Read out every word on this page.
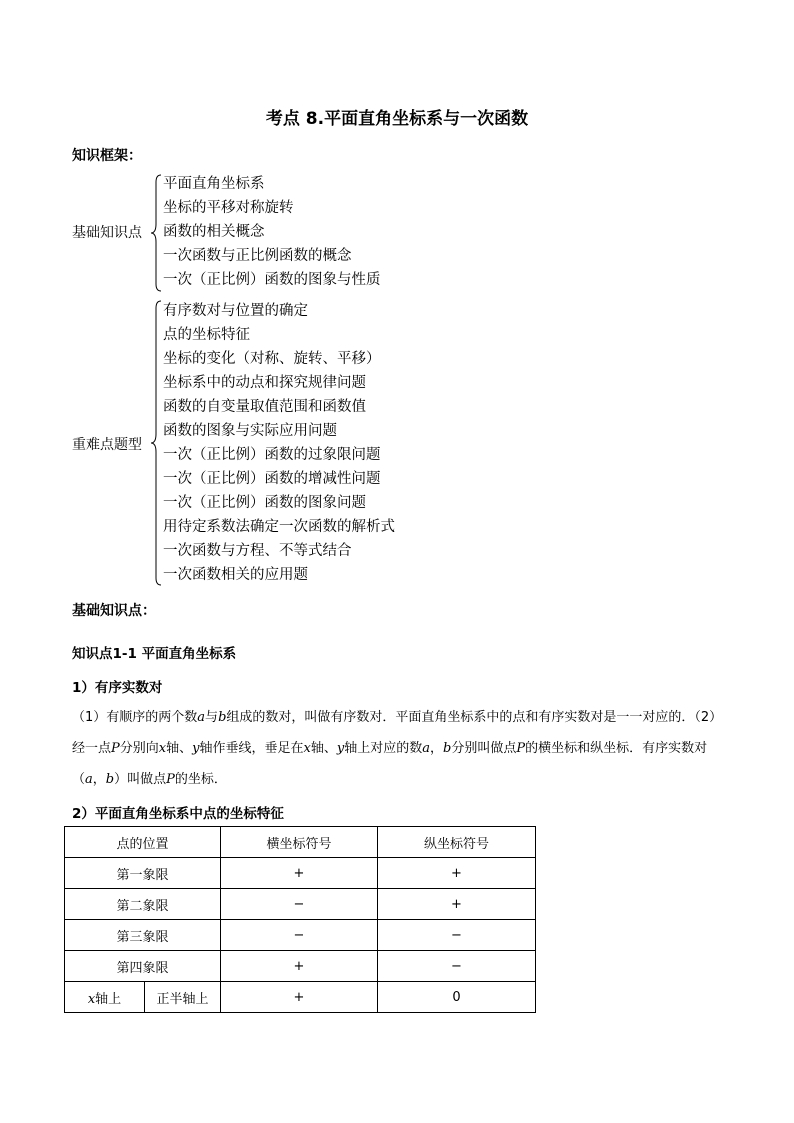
考点 8.平面直角坐标系与一次函数
知识框架：
基础知识点
平面直角坐标系
坐标的平移对称旋转
函数的相关概念
一次函数与正比例函数的概念
一次（正比例）函数的图象与性质
重难点题型
有序数对与位置的确定
点的坐标特征
坐标的变化（对称、旋转、平移）
坐标系中的动点和探究规律问题
函数的自变量取值范围和函数值
函数的图象与实际应用问题
一次（正比例）函数的过象限问题
一次（正比例）函数的增减性问题
一次（正比例）函数的图象问题
用待定系数法确定一次函数的解析式
一次函数与方程、不等式结合
一次函数相关的应用题
基础知识点：
知识点1-1 平面直角坐标系
1）有序实数对
（1）有顺序的两个数a与b组成的数对，叫做有序数对．平面直角坐标系中的点和有序实数对是一一对应的．（2）经一点P分别向x轴、y轴作垂线，垂足在x轴、y轴上对应的数a，b分别叫做点P的横坐标和纵坐标．有序实数对（a，b）叫做点P的坐标．
2）平面直角坐标系中点的坐标特征
点的位置		横坐标符号	纵坐标符号
第一象限		+	+
第二象限		−	+
第三象限		−	−
第四象限		+	−
x轴上	正半轴上	+	0
